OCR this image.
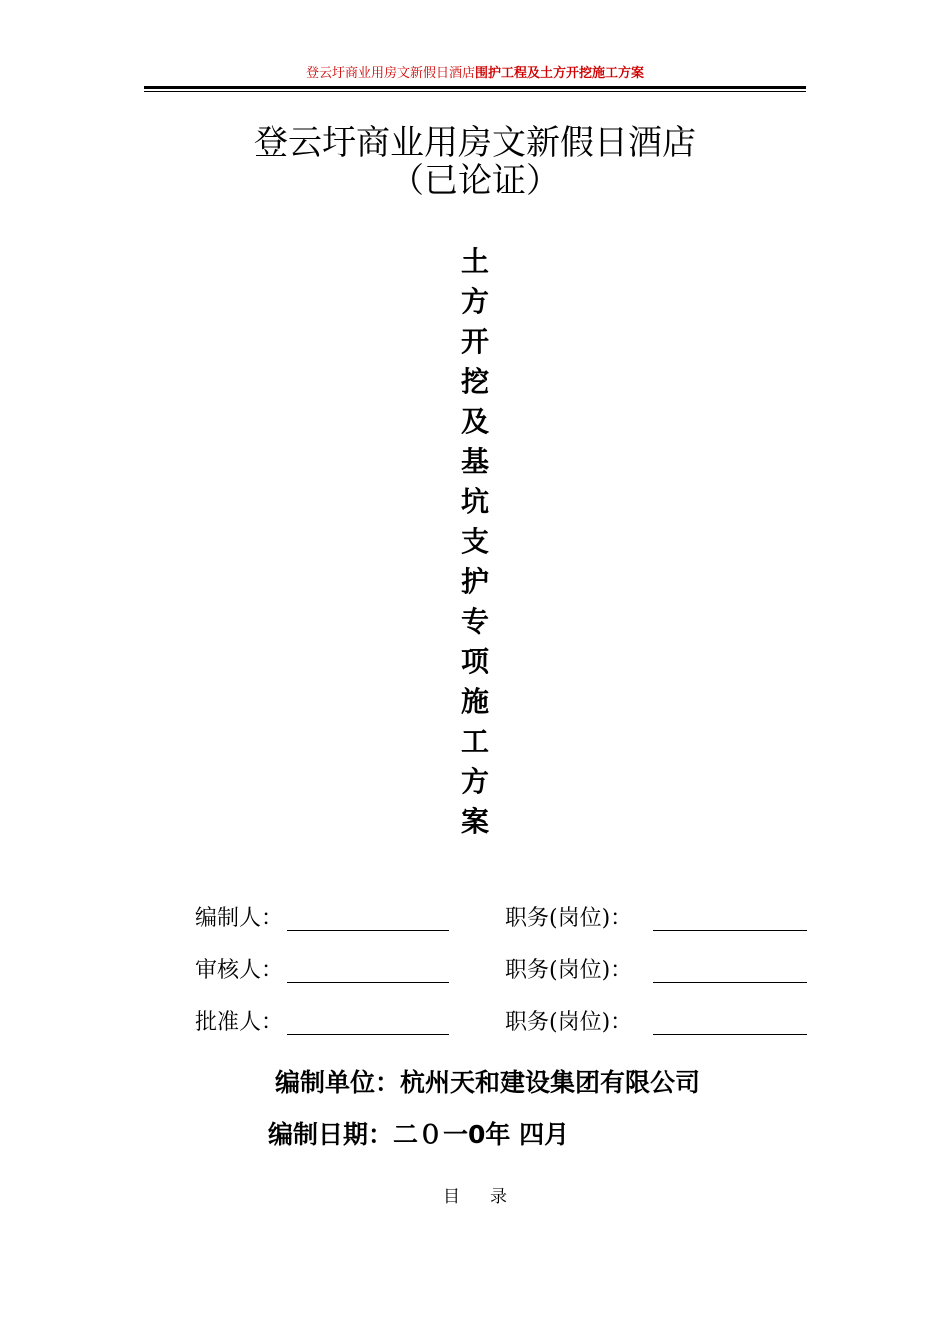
登云圩商业用房文新假日酒店围护工程及土方开挖施工方案
登云圩商业用房文新假日酒店
（已论证）
土
方
开
挖
及
基
坑
支
护
专
项
施
工
方
案
编制人：	职务(岗位)：
审核人：	职务(岗位)：
批准人：	职务(岗位)：
编制单位：杭州天和建设集团有限公司
编制日期：二０一0年 四月
目录
